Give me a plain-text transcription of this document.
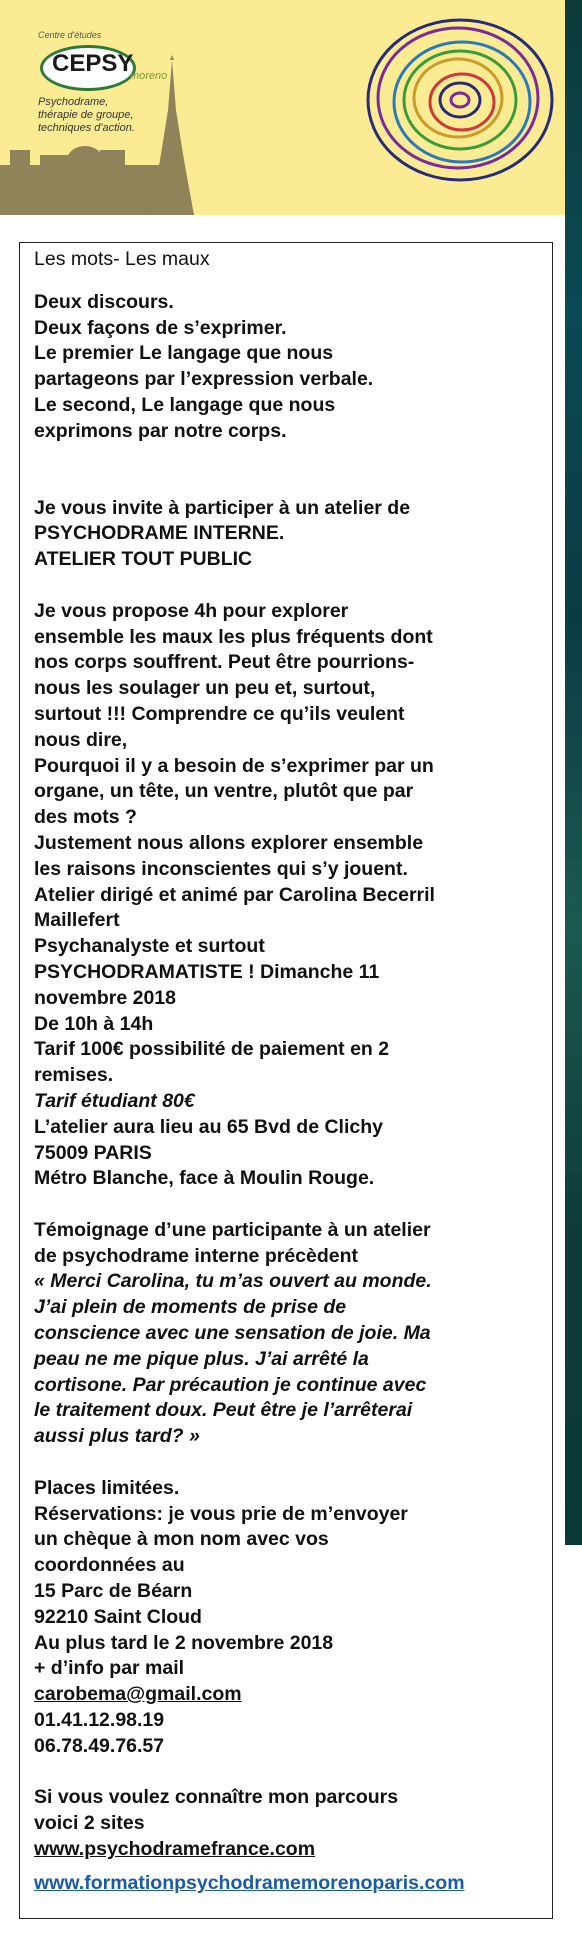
Centre d'études
CEPSY
moreno
Psychodrame,
thérapie de groupe,
techniques d'action.

Les mots- Les maux

Deux discours.

Deux façons de s’exprimer.

Le premier Le langage que nous

partageons par l’expression verbale.

Le second, Le langage que nous

exprimons par notre corps.

Je vous invite à participer à un atelier de

PSYCHODRAME INTERNE.

ATELIER TOUT PUBLIC

Je vous propose 4h pour explorer

ensemble les maux les plus fréquents dont

nos corps souffrent. Peut être pourrions-

nous les soulager un peu et, surtout,

surtout !!! Comprendre ce qu’ils veulent

nous dire,

Pourquoi il y a besoin de s’exprimer par un

organe, un tête, un ventre, plutôt que par

des mots ?

Justement nous allons explorer ensemble

les raisons inconscientes qui s’y jouent.

Atelier dirigé et animé par Carolina Becerril

Maillefert

Psychanalyste et surtout

PSYCHODRAMATISTE ! Dimanche 11

novembre 2018

De 10h à 14h

Tarif 100€ possibilité de paiement en 2

remises.

Tarif étudiant 80€

L’atelier aura lieu au 65 Bvd de Clichy

75009 PARIS

Métro Blanche, face à Moulin Rouge.

Témoignage d’une participante à un atelier

de psychodrame interne précèdent

« Merci Carolina, tu m’as ouvert au monde.

J’ai plein de moments de prise de

conscience avec une sensation de joie. Ma

peau ne me pique plus. J’ai arrêté la

cortisone. Par précaution je continue avec

le traitement doux. Peut être je l’arrêterai

aussi plus tard? »

Places limitées.

Réservations: je vous prie de m’envoyer

un chèque à mon nom avec vos

coordonnées au

15 Parc de Béarn

92210 Saint Cloud

Au plus tard le 2 novembre 2018

+ d’info par mail

carobema@gmail.com

01.41.12.98.19

06.78.49.76.57

Si vous voulez connaître mon parcours

voici 2 sites

www.psychodramefrance.com

www.formationpsychodramemorenoparis.com
